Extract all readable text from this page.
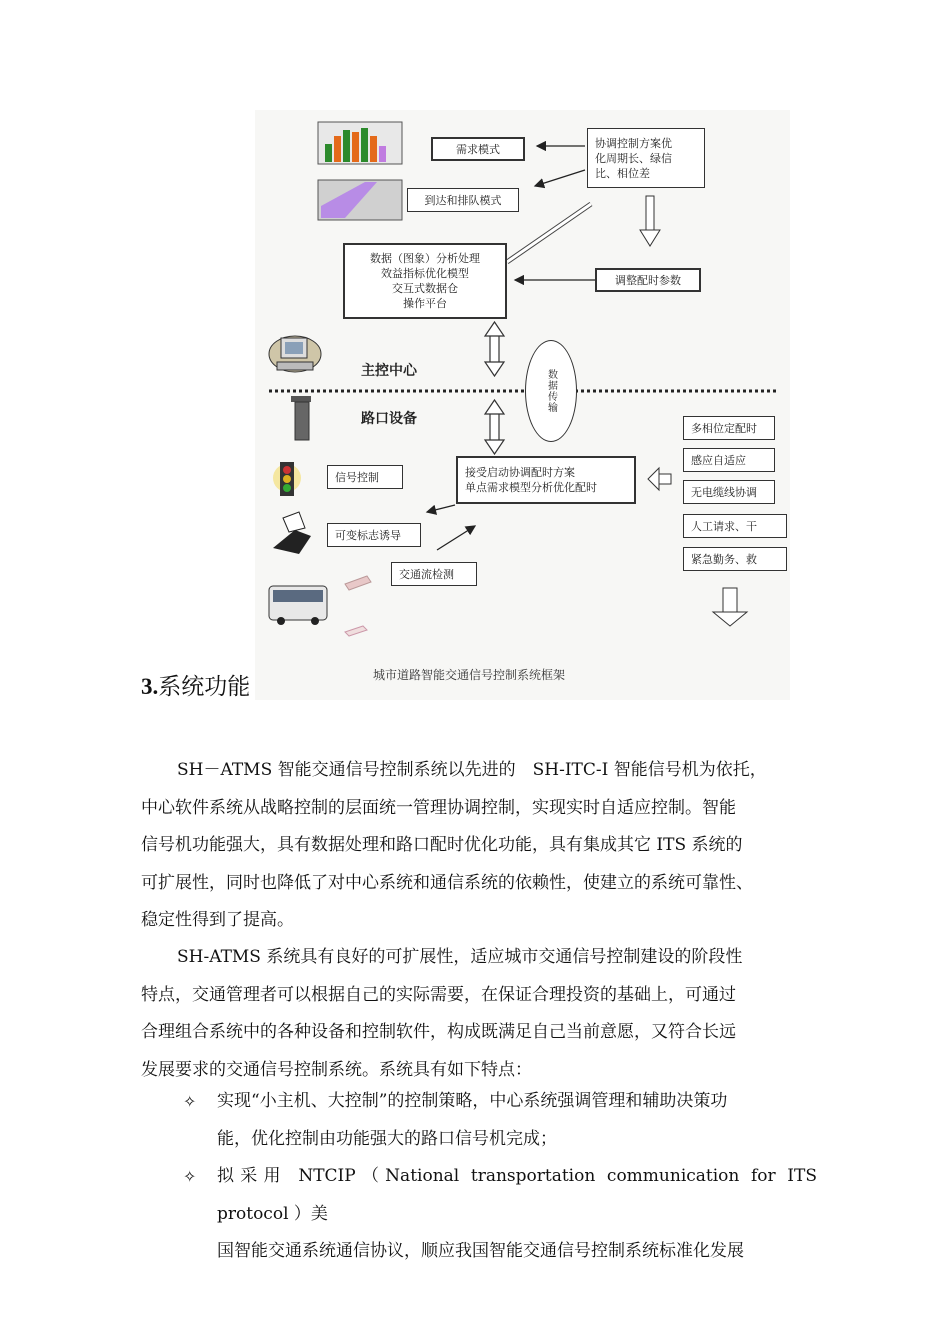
需求模式
到达和排队模式
协调控制方案优
化周期长、绿信
比、相位差
数据（图象）分析处理
效益指标优化模型
交互式数据仓
操作平台
调整配时参数
主控中心
路口设备
数据传输
接受启动协调配时方案
单点需求模型分析优化配时
多相位定配时
感应自适应
无电缆线协调
人工请求、干
紧急勤务、救
信号控制
可变标志诱导
交通流检测
城市道路智能交通信号控制系统框架
3.系统功能
SH－ATMS 智能交通信号控制系统以先进的　SH-ITC-I 智能信号机为依托，
中心软件系统从战略控制的层面统一管理协调控制，实现实时自适应控制。智能
信号机功能强大，具有数据处理和路口配时优化功能，具有集成其它 ITS 系统的
可扩展性，同时也降低了对中心系统和通信系统的依赖性，使建立的系统可靠性、
稳定性得到了提高。
SH-ATMS 系统具有良好的可扩展性，适应城市交通信号控制建设的阶段性
特点，交通管理者可以根据自己的实际需要，在保证合理投资的基础上，可通过
合理组合系统中的各种设备和控制软件，构成既满足自己当前意愿，又符合长远
发展要求的交通信号控制系统。系统具有如下特点：
✧	实现“小主机、大控制”的控制策略，中心系统强调管理和辅助决策功
能，优化控制由功能强大的路口信号机完成；
✧	拟采用 NTCIP（National transportation communication for ITS protocol ）美
国智能交通系统通信协议，顺应我国智能交通信号控制系统标准化发展
